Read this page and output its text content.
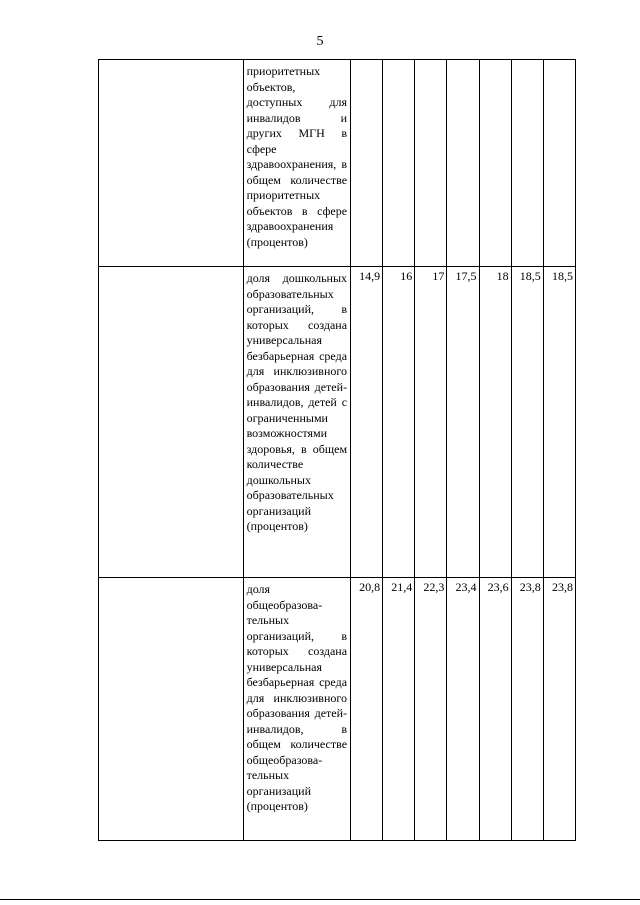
5

	приоритетных объектов, доступных для инвалидов и других МГН в сфере здравоохранения, в общем количестве приоритетных объектов в сфере здравоохранения (процентов)							

	доля дошкольных образовательных организаций, в которых создана универсальная безбарьерная среда для инклюзивного образования детей-инвалидов, детей с ограниченными возможностями здоровья, в общем количестве дошкольных образовательных организаций (процентов)	14,9	16	17	17,5	18	18,5	18,5

	доля общеобразовательных организаций, в которых создана универсальная безбарьерная среда для инклюзивного образования детей-инвалидов, в общем количестве общеобразовательных организаций (процентов)	20,8	21,4	22,3	23,4	23,6	23,8	23,8
